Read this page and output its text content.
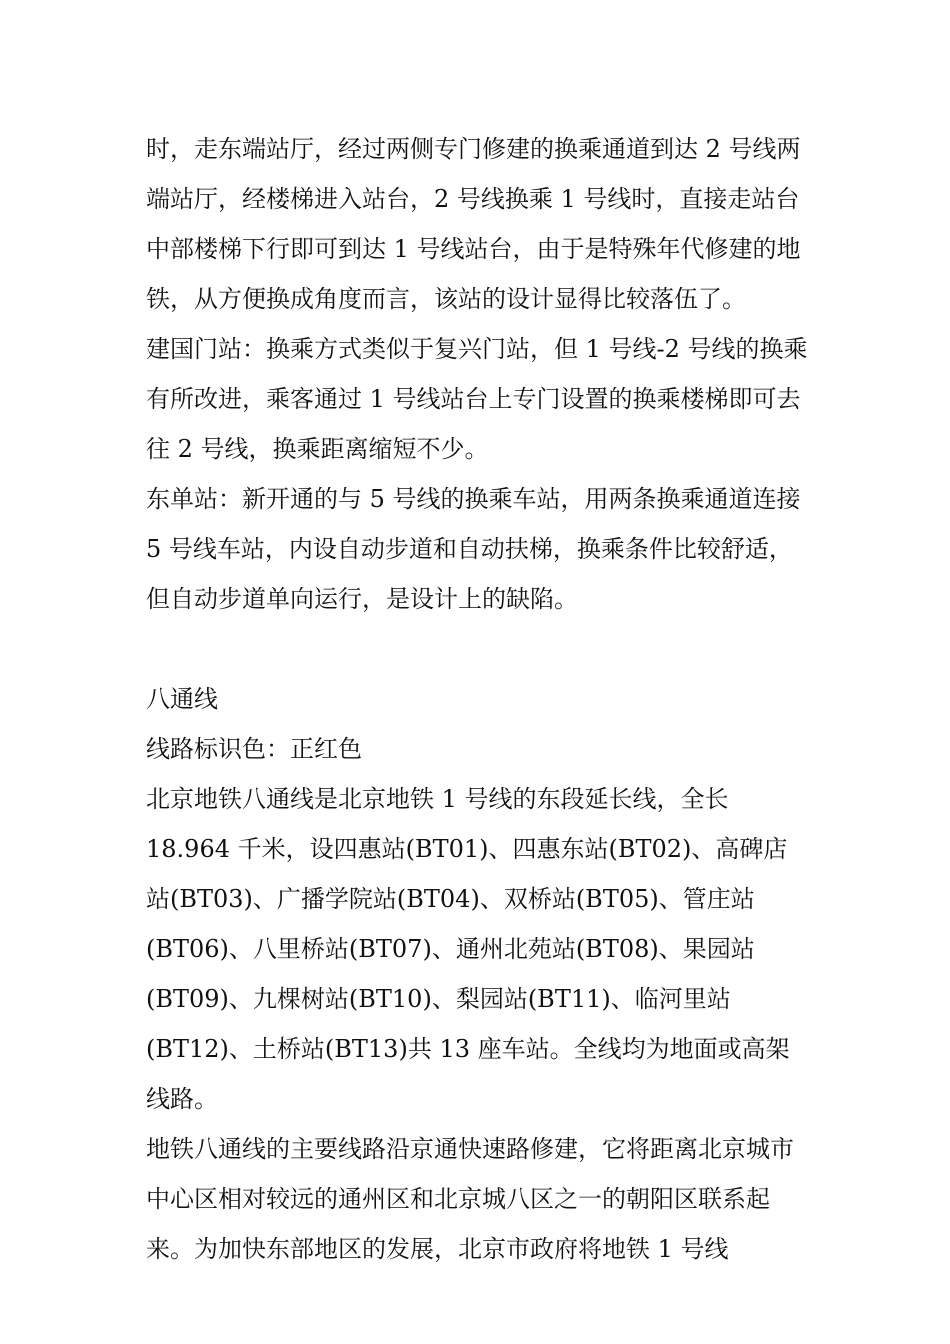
时，走东端站厅，经过两侧专门修建的换乘通道到达 2 号线两端站厅，经楼梯进入站台，2 号线换乘 1 号线时，直接走站台中部楼梯下行即可到达 1 号线站台，由于是特殊年代修建的地铁，从方便换成角度而言，该站的设计显得比较落伍了。

建国门站：换乘方式类似于复兴门站，但 1 号线-2 号线的换乘有所改进，乘客通过 1 号线站台上专门设置的换乘楼梯即可去往 2 号线，换乘距离缩短不少。

东单站：新开通的与 5 号线的换乘车站，用两条换乘通道连接 5 号线车站，内设自动步道和自动扶梯，换乘条件比较舒适，但自动步道单向运行，是设计上的缺陷。

八通线

线路标识色：正红色

北京地铁八通线是北京地铁 1 号线的东段延长线，全长 18.964 千米，设四惠站(BT01)、四惠东站(BT02)、高碑店站(BT03)、广播学院站(BT04)、双桥站(BT05)、管庄站(BT06)、八里桥站(BT07)、通州北苑站(BT08)、果园站(BT09)、九棵树站(BT10)、梨园站(BT11)、临河里站(BT12)、土桥站(BT13)共 13 座车站。全线均为地面或高架线路。

地铁八通线的主要线路沿京通快速路修建，它将距离北京城市中心区相对较远的通州区和北京城八区之一的朝阳区联系起来。为加快东部地区的发展，北京市政府将地铁 1 号线
